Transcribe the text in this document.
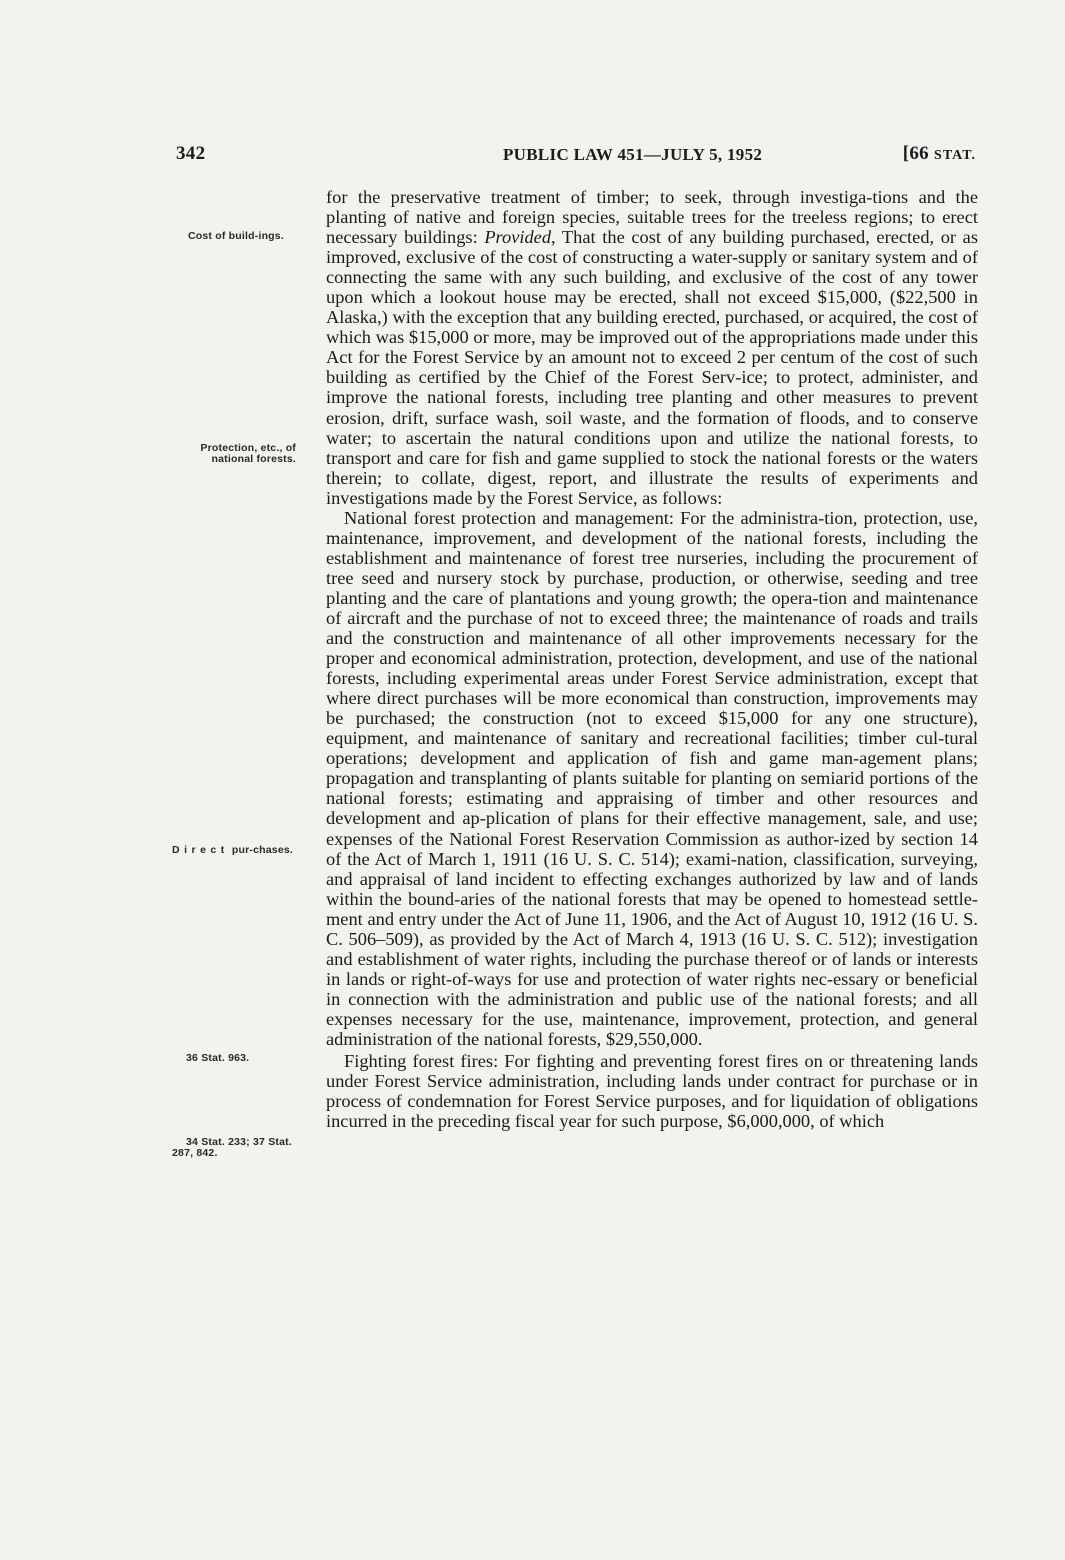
342	PUBLIC LAW 451—JULY 5, 1952	[66 STAT.
Cost of build-ings.
Protection, etc., of national forests.
Direct pur-chases.
36 Stat. 963.
34 Stat. 233; 37 Stat. 287, 842.

for the preservative treatment of timber; to seek, through investiga-tions and the planting of native and foreign species, suitable trees for the treeless regions; to erect necessary buildings: Provided, That the cost of any building purchased, erected, or as improved, exclusive of the cost of constructing a water-supply or sanitary system and of connecting the same with any such building, and exclusive of the cost of any tower upon which a lookout house may be erected, shall not exceed $15,000, ($22,500 in Alaska,) with the exception that any building erected, purchased, or acquired, the cost of which was $15,000 or more, may be improved out of the appropriations made under this Act for the Forest Service by an amount not to exceed 2 per centum of the cost of such building as certified by the Chief of the Forest Serv-ice; to protect, administer, and improve the national forests, including tree planting and other measures to prevent erosion, drift, surface wash, soil waste, and the formation of floods, and to conserve water; to ascertain the natural conditions upon and utilize the national forests, to transport and care for fish and game supplied to stock the national forests or the waters therein; to collate, digest, report, and illustrate the results of experiments and investigations made by the Forest Service, as follows:

National forest protection and management: For the administra-tion, protection, use, maintenance, improvement, and development of the national forests, including the establishment and maintenance of forest tree nurseries, including the procurement of tree seed and nursery stock by purchase, production, or otherwise, seeding and tree planting and the care of plantations and young growth; the opera-tion and maintenance of aircraft and the purchase of not to exceed three; the maintenance of roads and trails and the construction and maintenance of all other improvements necessary for the proper and economical administration, protection, development, and use of the national forests, including experimental areas under Forest Service administration, except that where direct purchases will be more economical than construction, improvements may be purchased; the construction (not to exceed $15,000 for any one structure), equipment, and maintenance of sanitary and recreational facilities; timber cul-tural operations; development and application of fish and game man-agement plans; propagation and transplanting of plants suitable for planting on semiarid portions of the national forests; estimating and appraising of timber and other resources and development and ap-plication of plans for their effective management, sale, and use; expenses of the National Forest Reservation Commission as author-ized by section 14 of the Act of March 1, 1911 (16 U. S. C. 514); exami-nation, classification, surveying, and appraisal of land incident to effecting exchanges authorized by law and of lands within the bound-aries of the national forests that may be opened to homestead settle-ment and entry under the Act of June 11, 1906, and the Act of August 10, 1912 (16 U. S. C. 506–509), as provided by the Act of March 4, 1913 (16 U. S. C. 512); investigation and establishment of water rights, including the purchase thereof or of lands or interests in lands or right-of-ways for use and protection of water rights nec-essary or beneficial in connection with the administration and public use of the national forests; and all expenses necessary for the use, maintenance, improvement, protection, and general administration of the national forests, $29,550,000.

Fighting forest fires: For fighting and preventing forest fires on or threatening lands under Forest Service administration, including lands under contract for purchase or in process of condemnation for Forest Service purposes, and for liquidation of obligations incurred in the preceding fiscal year for such purpose, $6,000,000, of which
